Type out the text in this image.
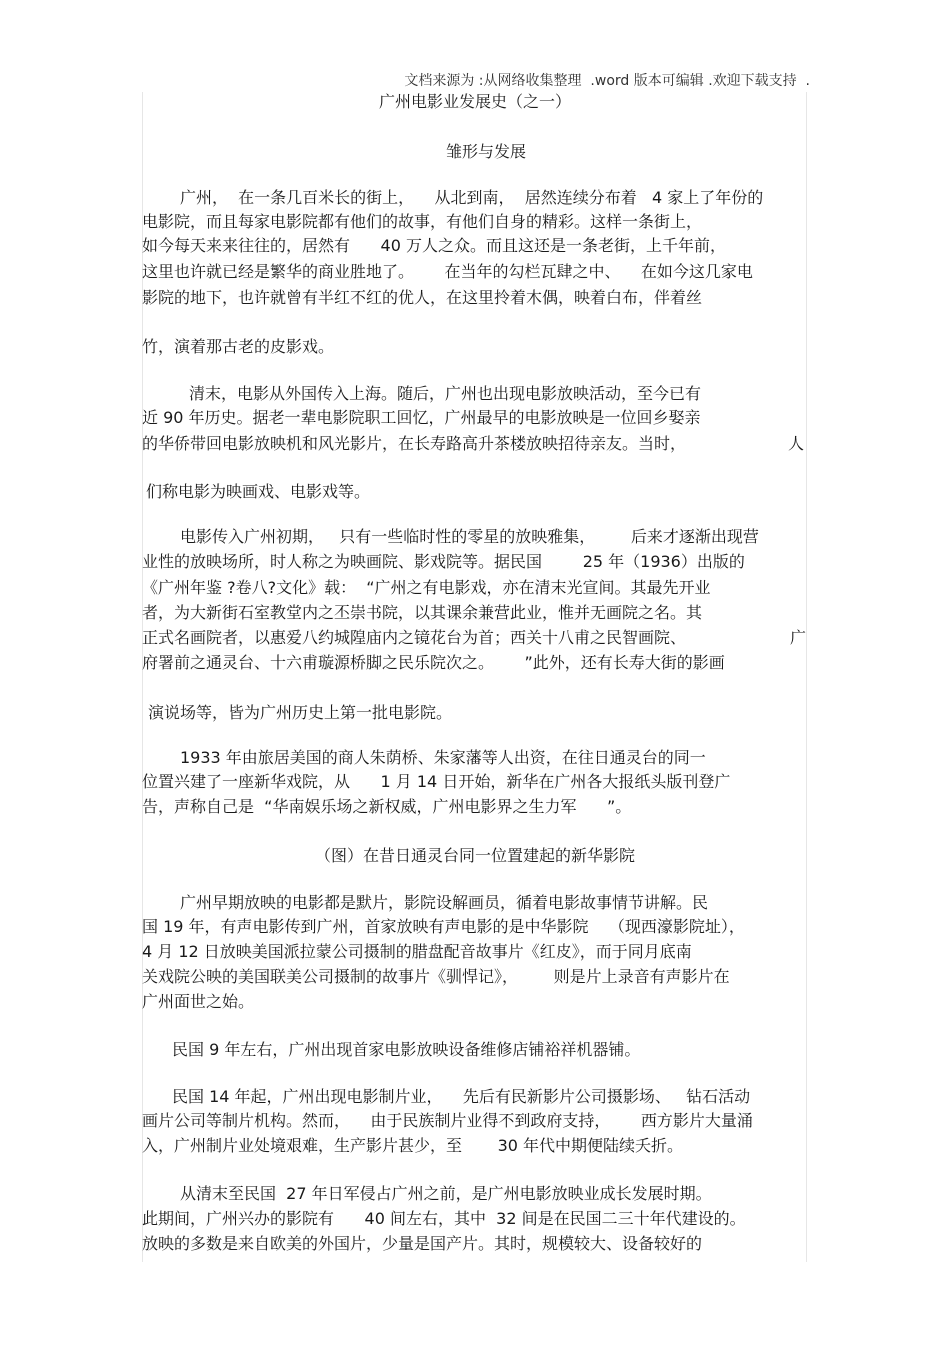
文档来源为 :从网络收集整理  .word 版本可编辑 .欢迎下载支持  .
广州电影业发展史（之一）
雏形与发展
广州，  在一条几百米长的街上，    从北到南，  居然连续分布着   4 家上了年份的
电影院，而且每家电影院都有他们的故事，有他们自身的精彩。这样一条街上，
如今每天来来往往的，居然有      40 万人之众。而且这还是一条老街，上千年前，
这里也许就已经是繁华的商业胜地了。      在当年的勾栏瓦肆之中、    在如今这几家电
影院的地下，也许就曾有半红不红的优人，在这里拎着木偶，映着白布，伴着丝
竹，演着那古老的皮影戏。
清末，电影从外国传入上海。随后，广州也出现电影放映活动，至今已有
近 90 年历史。据老一辈电影院职工回忆，广州最早的电影放映是一位回乡娶亲
的华侨带回电影放映机和风光影片，在长寿路高升茶楼放映招待亲友。当时，	人
们称电影为映画戏、电影戏等。
电影传入广州初期，   只有一些临时性的零星的放映雅集，       后来才逐渐出现营
业性的放映场所，时人称之为映画院、影戏院等。据民国        25 年（1936）出版的
《广州年鉴 ?卷八?文化》载：  “广州之有电影戏，亦在清末光宣间。其最先开业
者，为大新街石室教堂内之丕崇书院，以其课余兼营此业，惟并无画院之名。其
正式名画院者，以惠爱八约城隍庙内之镜花台为首；西关十八甫之民智画院、	广
府署前之通灵台、十六甫璇源桥脚之民乐院次之。      ”此外，还有长寿大街的影画
演说场等，皆为广州历史上第一批电影院。
1933 年由旅居美国的商人朱荫桥、朱家藩等人出资，在往日通灵台的同一
位置兴建了一座新华戏院，从      1 月 14 日开始，新华在广州各大报纸头版刊登广
告，声称自己是  “华南娱乐场之新权威，广州电影界之生力军      ”。
（图）在昔日通灵台同一位置建起的新华影院
广州早期放映的电影都是默片，影院设解画员，循着电影故事情节讲解。民
国 19 年，有声电影传到广州，首家放映有声电影的是中华影院    （现西濠影院址），
4 月 12 日放映美国派拉蒙公司摄制的腊盘配音故事片《红皮》，而于同月底南
关戏院公映的美国联美公司摄制的故事片《驯悍记》，       则是片上录音有声影片在
广州面世之始。
民国 9 年左右，广州出现首家电影放映设备维修店铺裕祥机器铺。
民国 14 年起，广州出现电影制片业，    先后有民新影片公司摄影场、   钻石活动
画片公司等制片机构。然而，    由于民族制片业得不到政府支持，      西方影片大量涌
入，广州制片业处境艰难，生产影片甚少，至       30 年代中期便陆续夭折。
从清末至民国  27 年日军侵占广州之前，是广州电影放映业成长发展时期。
此期间，广州兴办的影院有      40 间左右，其中  32 间是在民国二三十年代建设的。
放映的多数是来自欧美的外国片，少量是国产片。其时，规模较大、设备较好的
